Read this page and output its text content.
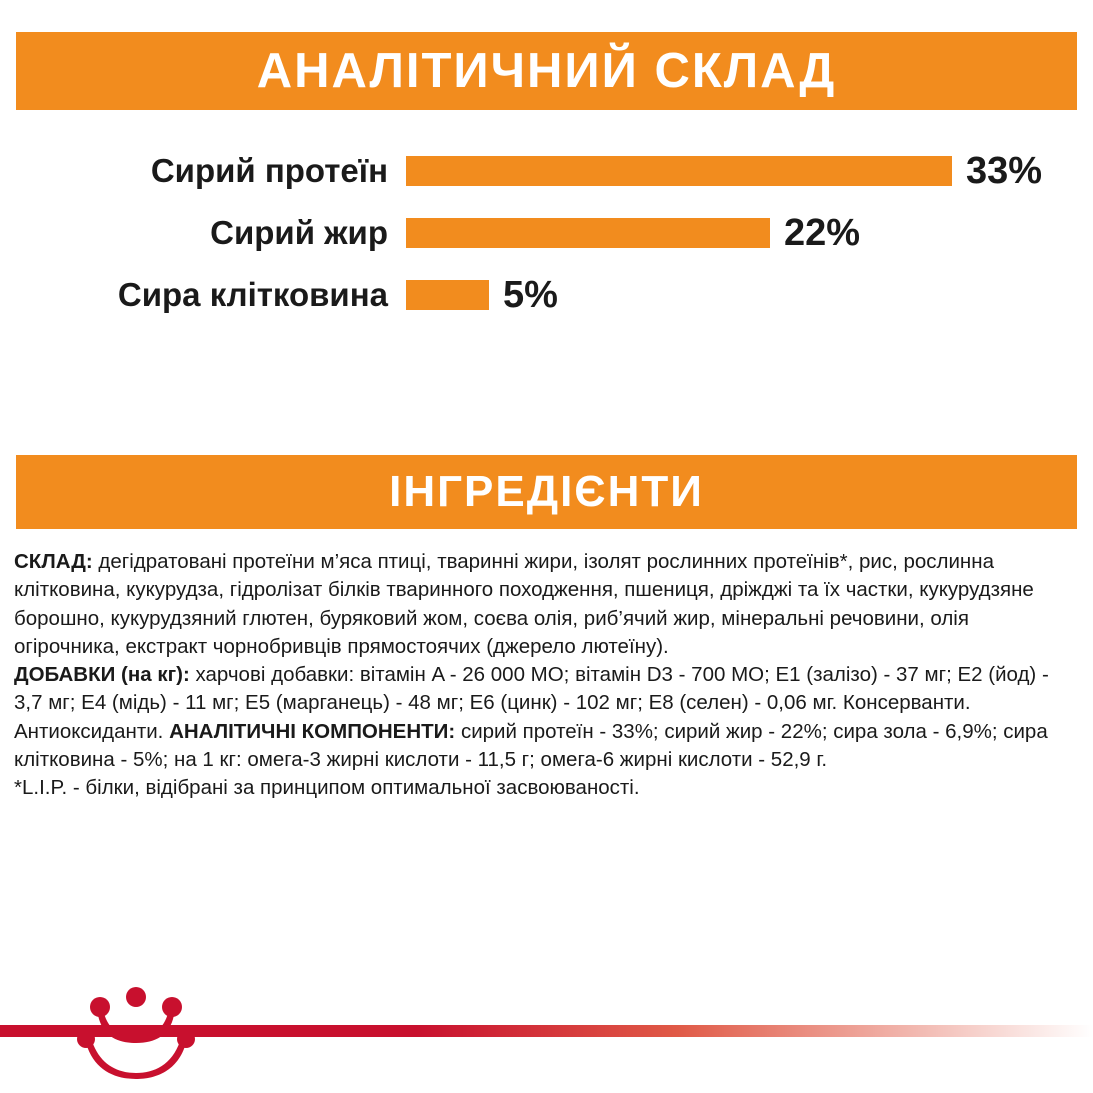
АНАЛІТИЧНИЙ СКЛАД
Сирий протеїн	33%
Сирий жир	22%
Сира клітковина	5%
ІНГРЕДІЄНТИ

СКЛАД: дегідратовані протеїни м’яса птиці, тваринні жири, ізолят рослинних протеїнів*, рис, рослинна клітковина, кукурудза, гідролізат білків тваринного походження, пшениця, дріжджі та їх частки, кукурудзяне борошно, кукурудзяний глютен, буряковий жом, соєва олія, риб’ячий жир, мінеральні речовини, олія огірочника, екстракт чорнобривців прямостоячих (джерело лютеїну).

ДОБАВКИ (на кг): харчові добавки: вітамін A - 26 000 МО; вітамін D3 - 700 МО; E1 (залізо) - 37 мг; E2 (йод) - 3,7 мг; E4 (мідь) - 11 мг; E5 (марганець) - 48 мг; E6 (цинк) - 102 мг; E8 (селен) - 0,06 мг. Консерванти. Антиоксиданти. АНАЛІТИЧНІ КОМПОНЕНТИ: сирий протеїн - 33%; сирий жир - 22%; сира зола - 6,9%; сира клітковина - 5%; на 1 кг: омега-3 жирні кислоти - 11,5 г; омега-6 жирні кислоти - 52,9 г.

*L.I.P. - білки, відібрані за принципом оптимальної засвоюваності.
